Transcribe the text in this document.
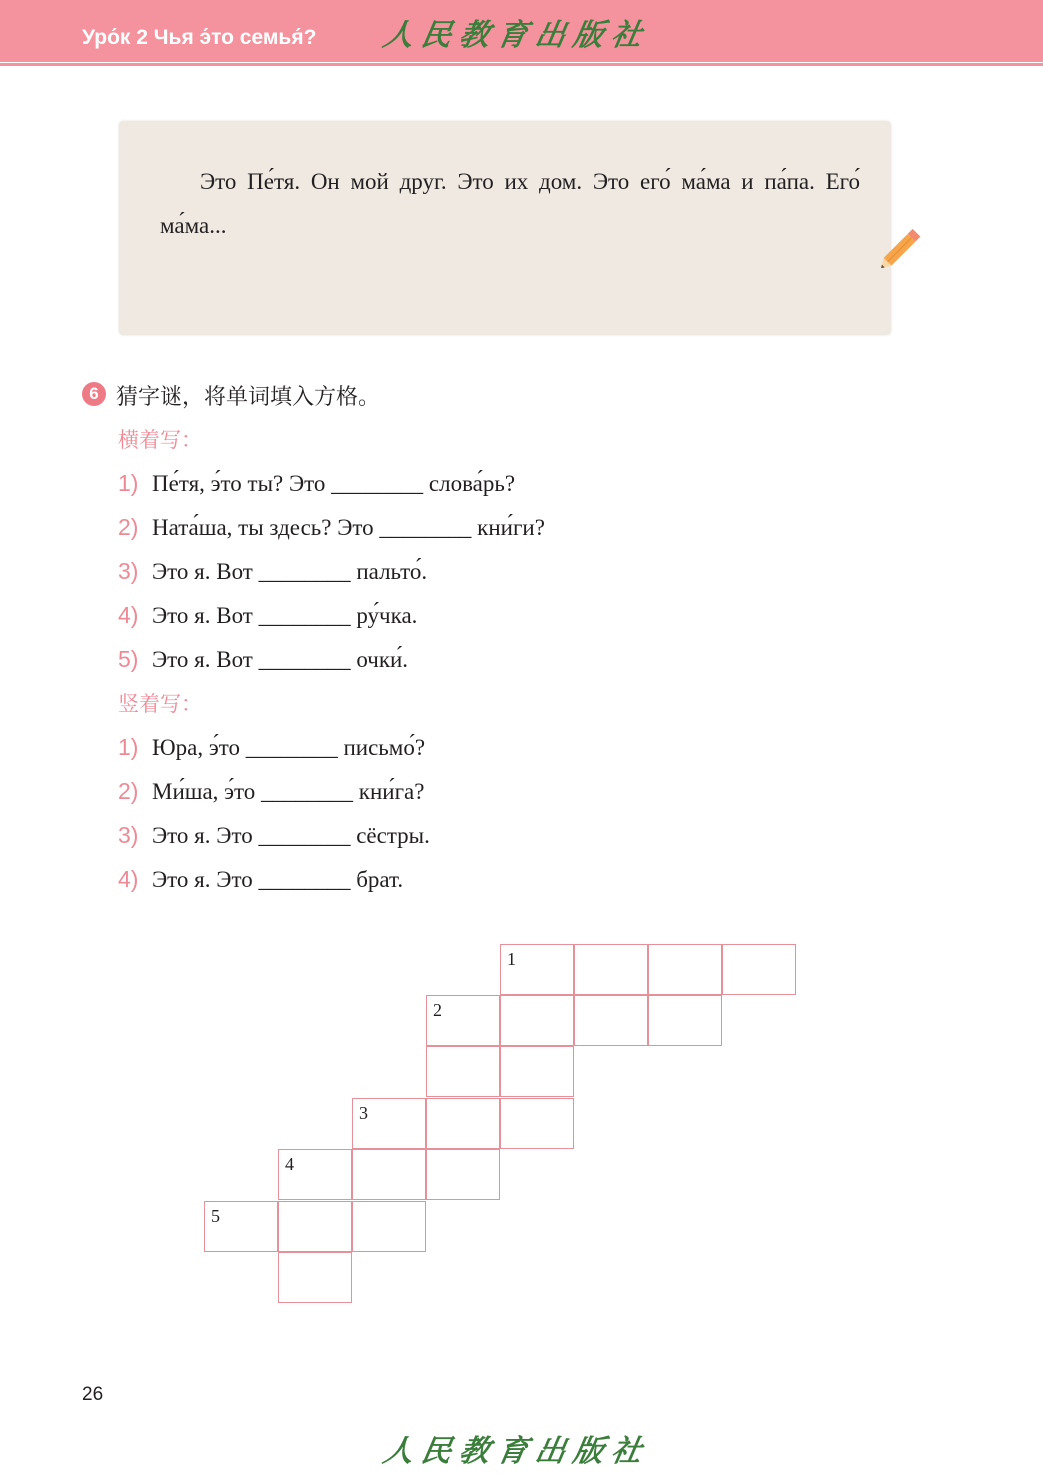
Уро́к 2 Чья э́то семья́? 人民教育出版社
Это Пе́тя. Он мой друг. Это их дом. Это его́ ма́ма и па́па. Его́ ма́ма...
6 猜字谜，将单词填入方格。
横着写：
1) Пе́тя, э́то ты? Это ________ слова́рь?
2) Ната́ша, ты здесь? Это ________ кни́ги?
3) Это я. Вот ________ пальто́.
4) Это я. Вот ________ ру́чка.
5) Это я. Вот ________ очки́.
竖着写：
1) Юра, э́то ________ письмо́?
2) Ми́ша, э́то ________ кни́га?
3) Это я. Это ________ сёстры.
4) Это я. Это ________ брат.
1
2
3
4
5
26
人民教育出版社
